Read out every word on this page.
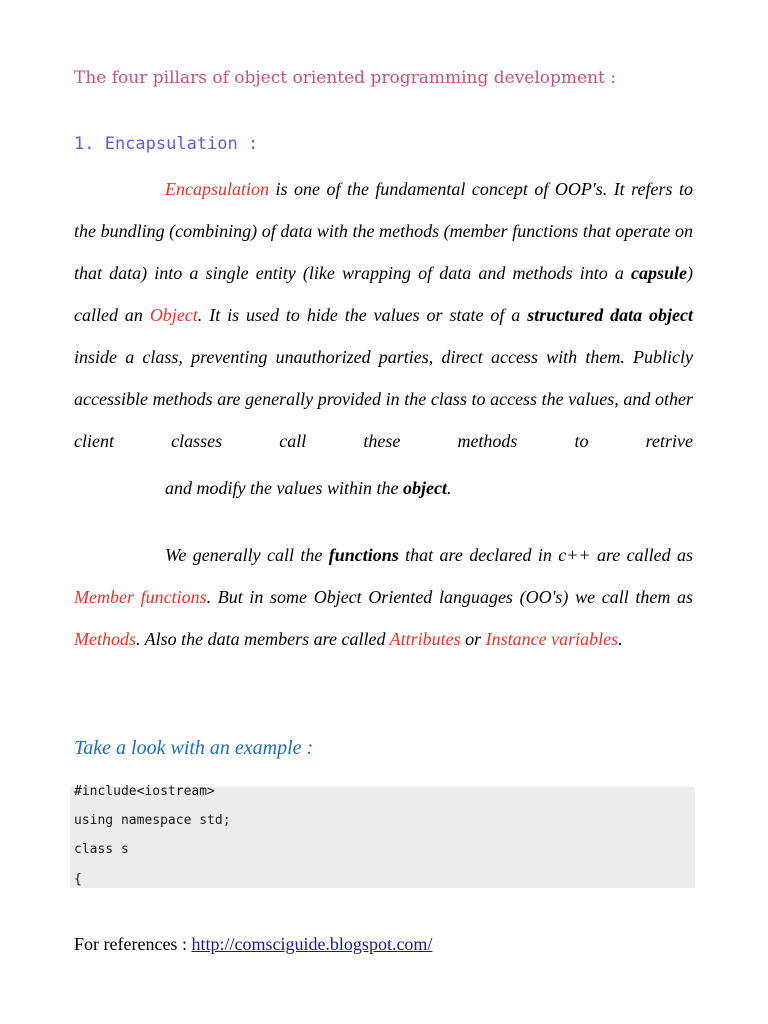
The four pillars of object oriented programming development :
1. Encapsulation :

Encapsulation is one of the fundamental concept of OOP's. It refers to the bundling (combining) of data with the methods (member functions that operate on that data) into a single entity (like wrapping of data and methods into a capsule) called an Object. It is used to hide the values or state of a structured data object inside a class, preventing unauthorized parties, direct access with them. Publicly accessible methods are generally provided in the class to access the values, and other client classes call these methods to retrive and modify the values within the object.

We generally call the functions that are declared in c++ are called as Member functions. But in some Object Oriented languages (OO's) we call them as Methods. Also the data members are called Attributes or Instance variables.

Take a look with an example :
#include<iostream>
using namespace std;
class s
{
For references : http://comsciguide.blogspot.com/
